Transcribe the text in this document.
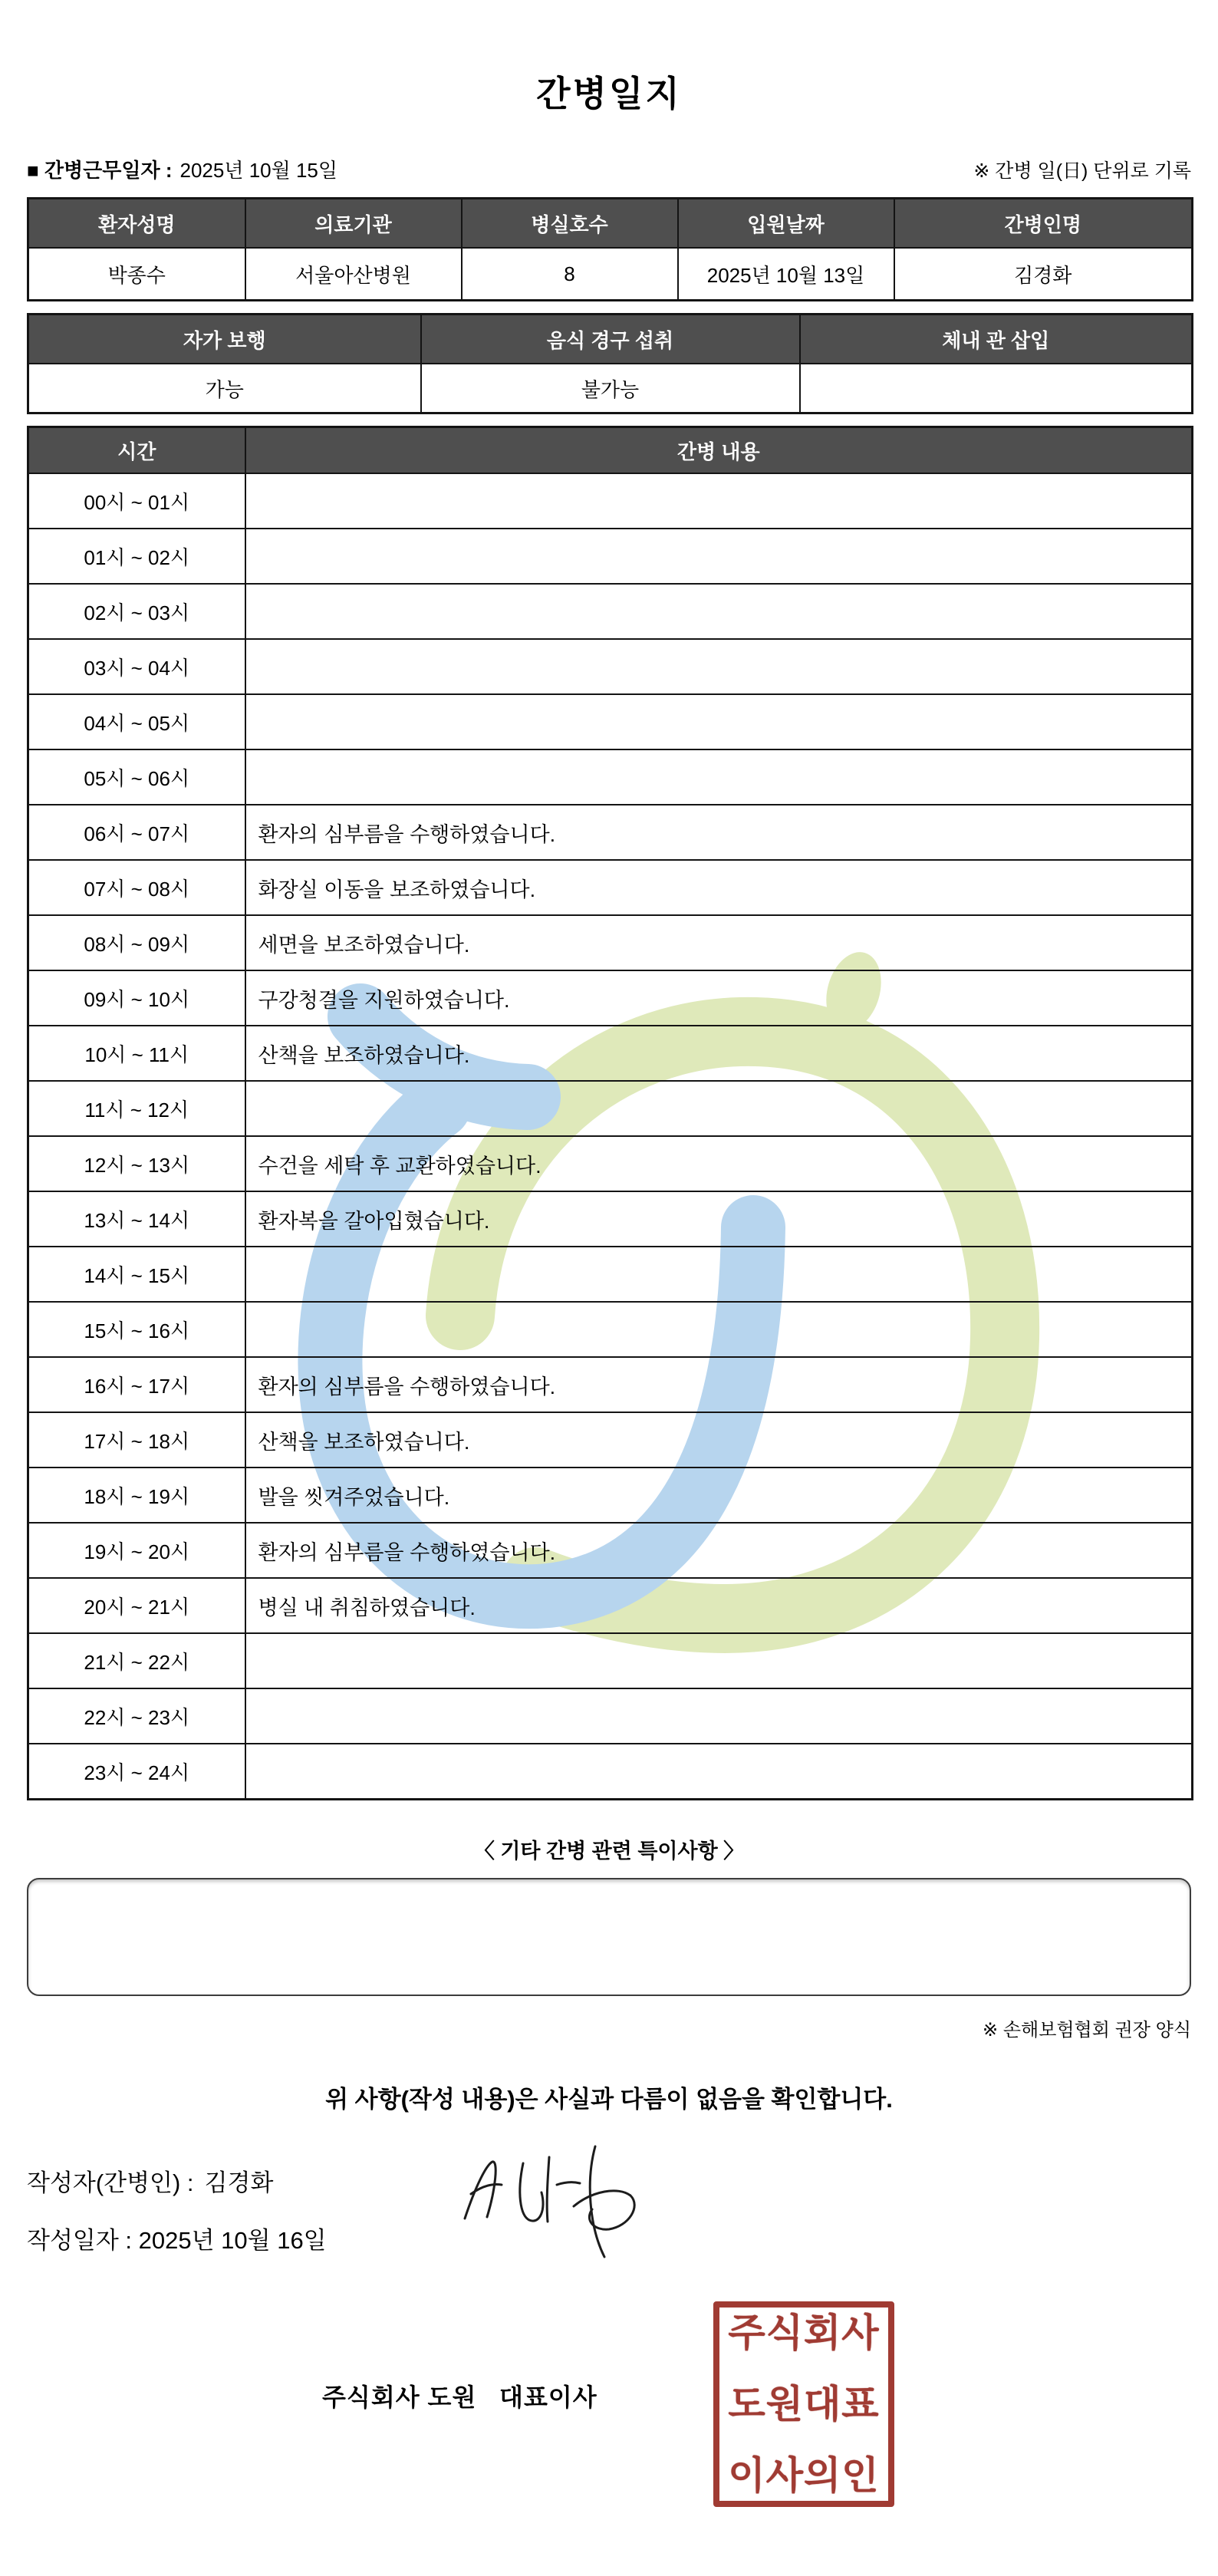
간병일지
■ 간병근무일자 : 2025년 10월 15일	※ 간병 일(日) 단위로 기록
환자성명	의료기관	병실호수	입원날짜	간병인명
박종수	서울아산병원	8	2025년 10월 13일	김경화
자가 보행	음식 경구 섭취	체내 관 삽입
가능	불가능	
시간	간병 내용
00시 ~ 01시	
01시 ~ 02시	
02시 ~ 03시	
03시 ~ 04시	
04시 ~ 05시	
05시 ~ 06시	
06시 ~ 07시	환자의 심부름을 수행하였습니다.
07시 ~ 08시	화장실 이동을 보조하였습니다.
08시 ~ 09시	세면을 보조하였습니다.
09시 ~ 10시	구강청결을 지원하였습니다.
10시 ~ 11시	산책을 보조하였습니다.
11시 ~ 12시	
12시 ~ 13시	수건을 세탁 후 교환하였습니다.
13시 ~ 14시	환자복을 갈아입혔습니다.
14시 ~ 15시	
15시 ~ 16시	
16시 ~ 17시	환자의 심부름을 수행하였습니다.
17시 ~ 18시	산책을 보조하였습니다.
18시 ~ 19시	발을 씻겨주었습니다.
19시 ~ 20시	환자의 심부름을 수행하였습니다.
20시 ~ 21시	병실 내 취침하였습니다.
21시 ~ 22시	
22시 ~ 23시	
23시 ~ 24시	
〈 기타 간병 관련 특이사항 〉
※ 손해보험협회 권장 양식
위 사항(작성 내용)은 사실과 다름이 없음을 확인합니다.
작성자(간병인) : 김경화
작성일자 : 2025년 10월 16일
주식회사 도원   대표이사
주식회사
도원대표
이사의인
